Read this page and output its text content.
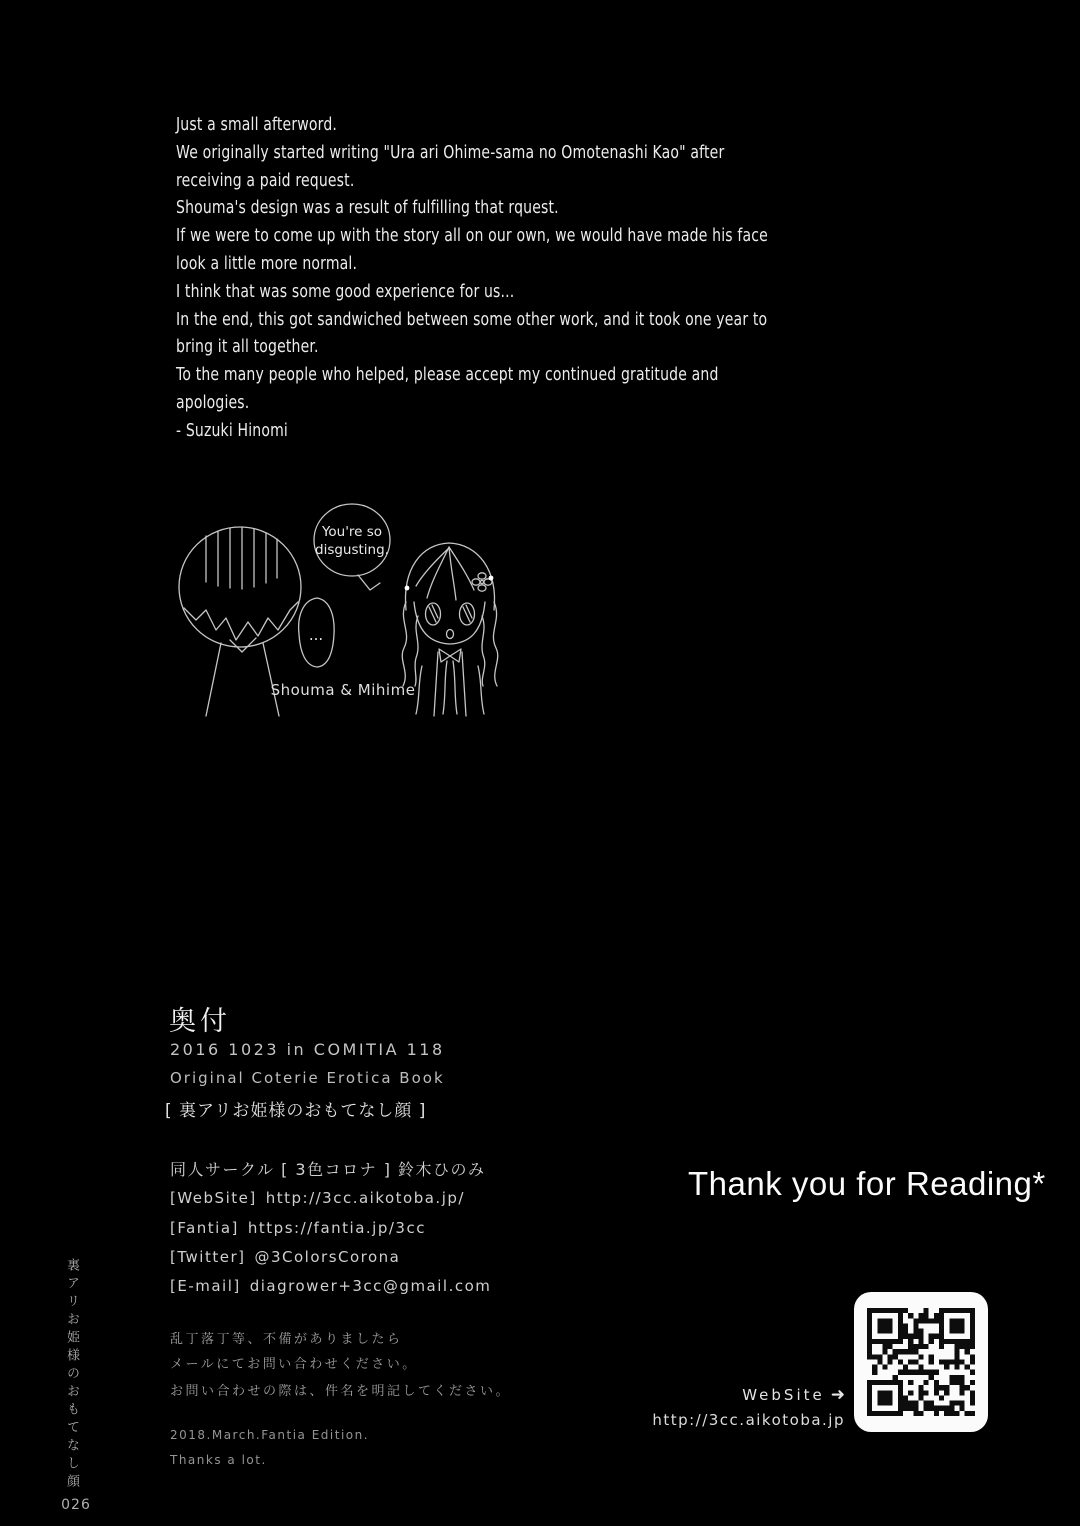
Just a small afterword.
We originally started writing "Ura ari Ohime-sama no Omotenashi Kao" after
receiving a paid request.
Shouma's design was a result of fulfilling that rquest.
If we were to come up with the story all on our own, we would have made his face
look a little more normal.
I think that was some good experience for us...
In the end, this got sandwiched between some other work, and it took one year to
bring it all together.
To the many people who helped, please accept my continued gratitude and
apologies.
- Suzuki Hinomi
You're so
disgusting.
...
Shouma & Mihime
奥付
2016 1023 in COMITIA 118
Original Coterie Erotica Book
[ 裏アリお姫様のおもてなし顔 ]
同人サークル [ 3色コロナ ] 鈴木ひのみ
[WebSite] http://3cc.aikotoba.jp/
[Fantia] https://fantia.jp/3cc
[Twitter] @3ColorsCorona
[E-mail] diagrower+3cc@gmail.com
乱丁落丁等、不備がありましたら
メールにてお問い合わせください。
お問い合わせの際は、件名を明記してください。
2018.March.Fantia Edition.
Thanks a lot.
Thank you for Reading*
WebSite ➜
http://3cc.aikotoba.jp
裏アリお姫様のおもてなし顔
026
